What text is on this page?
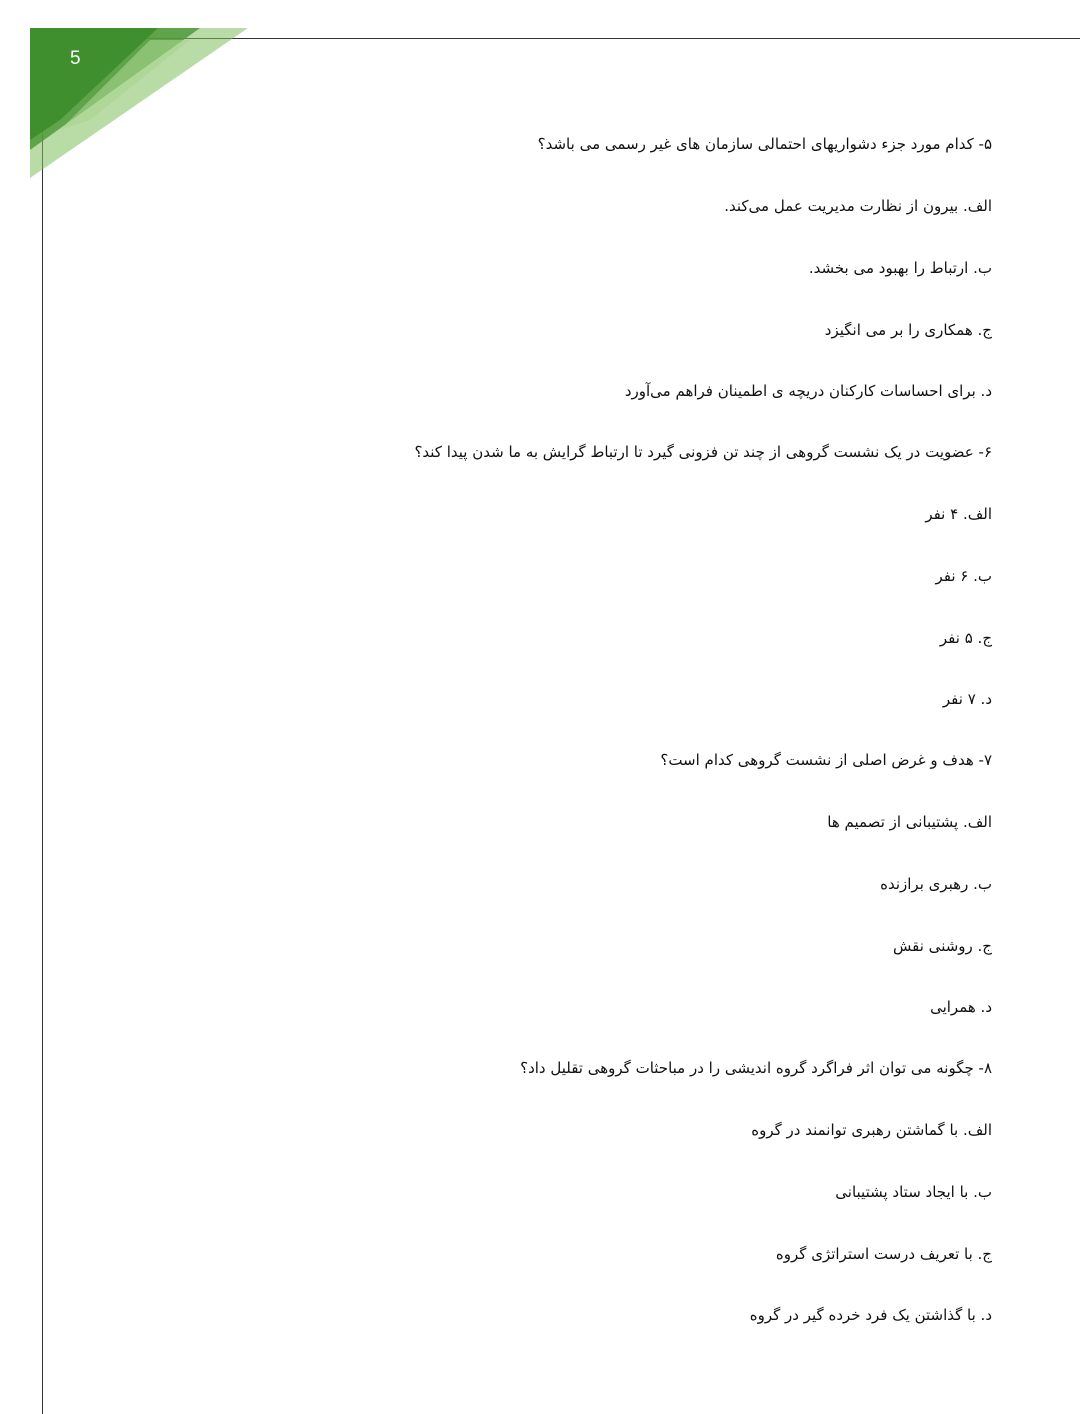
5
۵- کدام مورد جزء دشواریهای احتمالی سازمان های غیر رسمی می باشد؟
الف. بیرون از نظارت مدیریت عمل می‌کند.
ب. ارتباط را بهبود می بخشد.
ج. همکاری را بر می انگیزد
د. برای احساسات کارکنان دریچه ی اطمینان فراهم می‌آورد
۶- عضویت در یک نشست گروهی از چند تن فزونی گیرد تا ارتباط گرایش به ما شدن پیدا کند؟
الف. ۴ نفر
ب. ۶ نفر
ج. ۵ نفر
د. ۷ نفر
۷- هدف و غرض اصلی از نشست گروهی کدام است؟
الف. پشتیبانی از تصمیم ها
ب. رهبری برازنده
ج. روشنی نقش
د. همرایی
۸- چگونه می توان اثر فراگرد گروه اندیشی را در مباحثات گروهی تقلیل داد؟
الف. با گماشتن رهبری توانمند در گروه
ب. با ایجاد ستاد پشتیبانی
ج. با تعریف درست استراتژی گروه
د. با گذاشتن یک فرد خرده گیر در گروه
